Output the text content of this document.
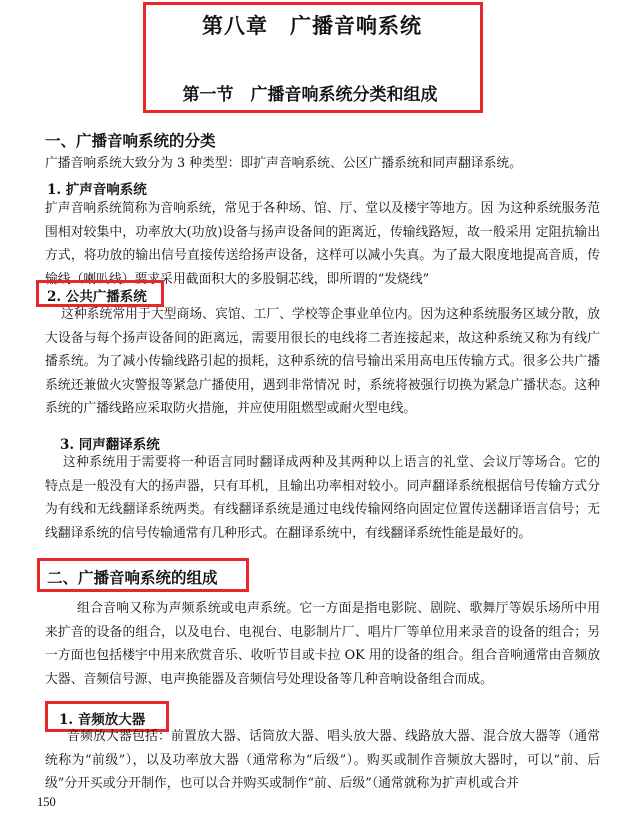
第八章　广播音响系统
第一节　广播音响系统分类和组成
一、广播音响系统的分类
广播音响系统大致分为 3 种类型：即扩声音响系统、公区广播系统和同声翻译系统。
1. 扩声音响系统
扩声音响系统简称为音响系统，常见于各种场、馆、厅、堂以及楼宇等地方。因 为这种系统服务范围相对较集中，功率放大(功放)设备与扬声设备间的距离近，传输线路短，故一般采用 定阻抗输出方式，将功放的输出信号直接传送给扬声设备，这样可以减小失真。为了最大限度地提高音质，传输线（喇叭线）要求采用截面积大的多股铜芯线，即所谓的“发烧线”
2. 公共广播系统
这种系统常用于大型商场、宾馆、工厂、学校等企事业单位内。因为这种系统服务区域分散，放大设备与每个扬声设备间的距离远，需要用很长的电线将二者连接起来，故这种系统又称为有线广播系统。为了减小传输线路引起的损耗，这种系统的信号输出采用高电压传输方式。很多公共广播系统还兼做火灾警报等紧急广播使用，遇到非常情况 时，系统将被强行切换为紧急广播状态。这种系统的广播线路应采取防火措施，并应使用阻燃型或耐火型电线。
3. 同声翻译系统
这种系统用于需要将一种语言同时翻译成两种及其两种以上语言的礼堂、会议厅等场合。它的特点是一般没有大的扬声器，只有耳机，且输出功率相对较小。同声翻译系统根据信号传输方式分为有线和无线翻译系统两类。有线翻译系统是通过电线传输网络向固定位置传送翻译语言信号；无线翻译系统的信号传输通常有几种形式。在翻译系统中，有线翻译系统性能是最好的。
二、广播音响系统的组成
组合音响又称为声频系统或电声系统。它一方面是指电影院、剧院、歌舞厅等娱乐场所中用来扩音的设备的组合，以及电台、电视台、电影制片厂、唱片厂等单位用来录音的设备的组合；另一方面也包括楼宇中用来欣赏音乐、收听节目或卡拉 OK 用的设备的组合。组合音响通常由音频放大器、音频信号源、电声换能器及音频信号处理设备等几种音响设备组合而成。
1. 音频放大器
音频放大器包括：前置放大器、话筒放大器、唱头放大器、线路放大器、混合放大器等（通常统称为“前级”），以及功率放大器（通常称为“后级”）。购买或制作音频放大器时，可以“前、后级”分开买或分开制作，也可以合并购买或制作“前、后级”（通常就称为扩声机或合并
150
